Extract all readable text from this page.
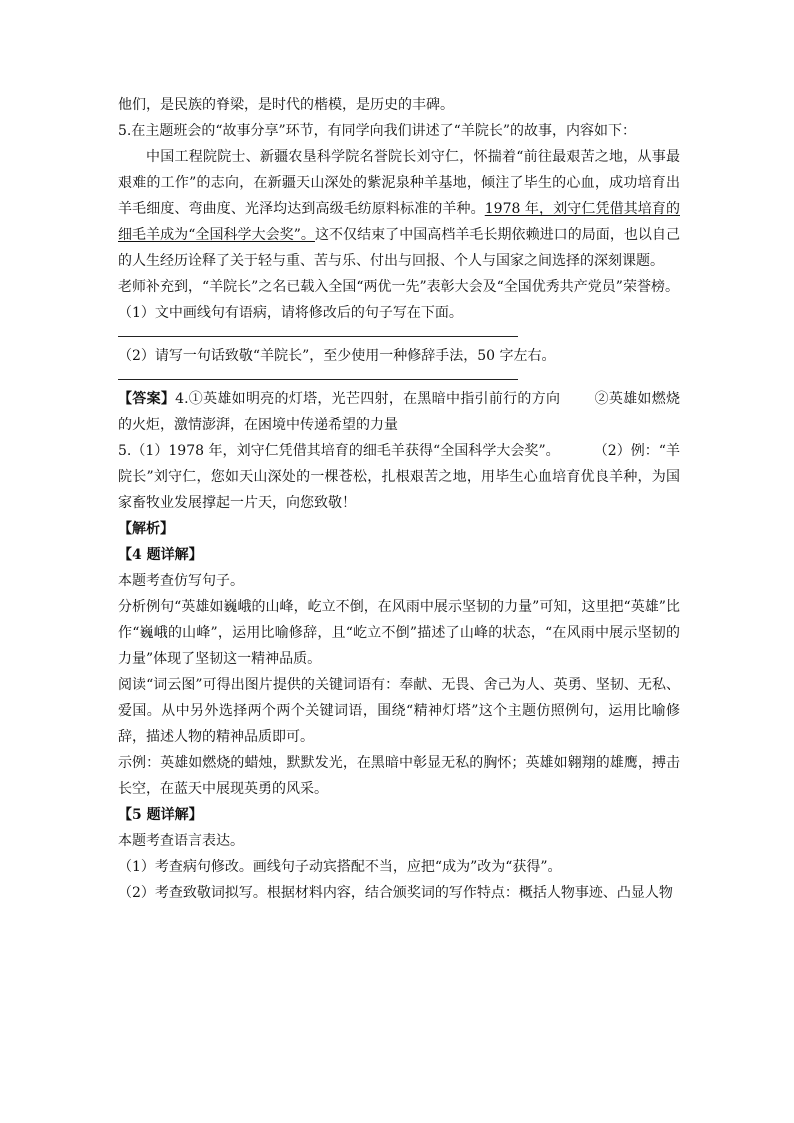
他们，是民族的脊梁，是时代的楷模，是历史的丰碑。

5.在主题班会的“故事分享”环节，有同学向我们讲述了“羊院长”的故事，内容如下：

中国工程院院士、新疆农垦科学院名誉院长刘守仁，怀揣着“前往最艰苦之地，从事最艰难的工作”的志向，在新疆天山深处的紫泥泉种羊基地，倾注了毕生的心血，成功培育出羊毛细度、弯曲度、光泽均达到高级毛纺原料标准的羊种。1978 年，刘守仁凭借其培育的细毛羊成为“全国科学大会奖”。这不仅结束了中国高档羊毛长期依赖进口的局面，也以自己的人生经历诠释了关于轻与重、苦与乐、付出与回报、个人与国家之间选择的深刻课题。

老师补充到，“羊院长”之名已载入全国“两优一先”表彰大会及“全国优秀共产党员”荣誉榜。

（1）文中画线句有语病，请将修改后的句子写在下面。

（2）请写一句话致敬“羊院长”，至少使用一种修辞手法，50 字左右。

【答案】4.①英雄如明亮的灯塔，光芒四射，在黑暗中指引前行的方向 ②英雄如燃烧的火炬，激情澎湃，在困境中传递希望的力量

5.（1）1978 年，刘守仁凭借其培育的细毛羊获得“全国科学大会奖”。 （2）例：“羊院长”刘守仁，您如天山深处的一棵苍松，扎根艰苦之地，用毕生心血培育优良羊种，为国家畜牧业发展撑起一片天，向您致敬！

【解析】

【4 题详解】

本题考查仿写句子。

分析例句“英雄如巍峨的山峰，屹立不倒，在风雨中展示坚韧的力量”可知，这里把“英雄”比作“巍峨的山峰”，运用比喻修辞，且“屹立不倒”描述了山峰的状态，“在风雨中展示坚韧的力量”体现了坚韧这一精神品质。

阅读“词云图”可得出图片提供的关键词语有：奉献、无畏、舍己为人、英勇、坚韧、无私、爱国。从中另外选择两个两个关键词语，围绕“精神灯塔”这个主题仿照例句，运用比喻修辞，描述人物的精神品质即可。

示例：英雄如燃烧的蜡烛，默默发光，在黑暗中彰显无私的胸怀；英雄如翱翔的雄鹰，搏击长空，在蓝天中展现英勇的风采。

【5 题详解】

本题考查语言表达。

（1）考查病句修改。画线句子动宾搭配不当，应把“成为”改为“获得”。

（2）考查致敬词拟写。根据材料内容，结合颁奖词的写作特点：概括人物事迹、凸显人物
